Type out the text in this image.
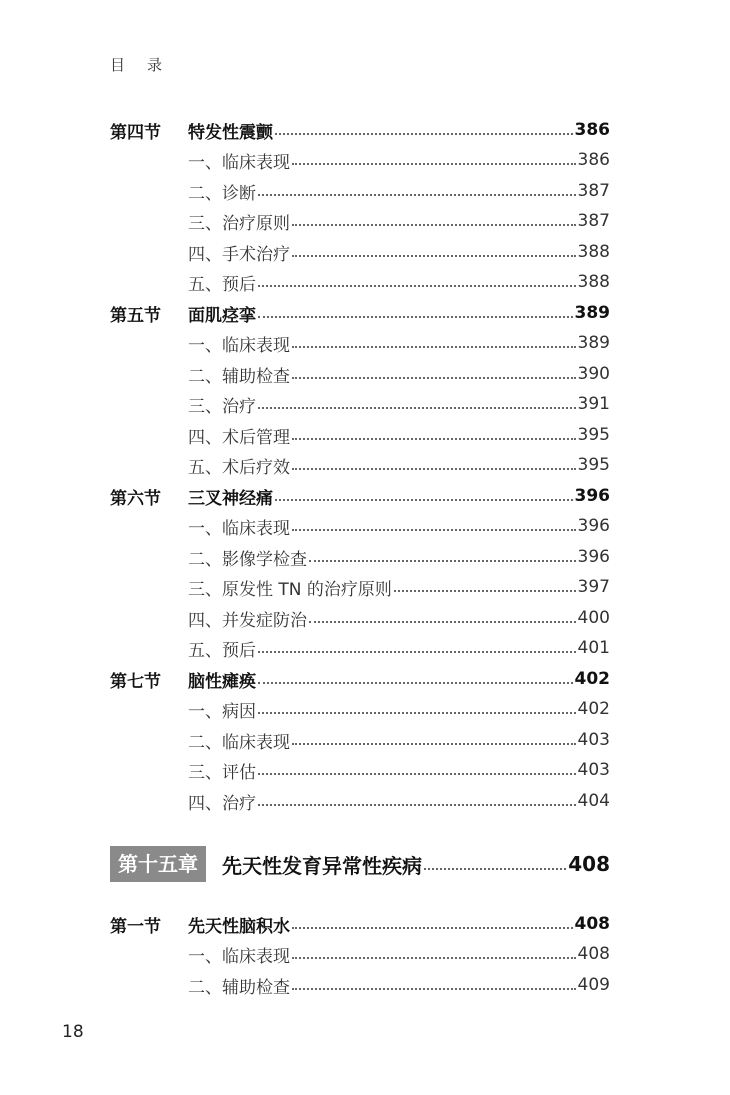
目 录
第四节 特发性震颤	386
一、临床表现	386
二、诊断	387
三、治疗原则	387
四、手术治疗	388
五、预后	388
第五节 面肌痉挛	389
一、临床表现	389
二、辅助检查	390
三、治疗	391
四、术后管理	395
五、术后疗效	395
第六节 三叉神经痛	396
一、临床表现	396
二、影像学检查	396
三、原发性 TN 的治疗原则	397
四、并发症防治	400
五、预后	401
第七节 脑性瘫痪	402
一、病因	402
二、临床表现	403
三、评估	403
四、治疗	404
第十五章	先天性发育异常性疾病	408
第一节 先天性脑积水	408
一、临床表现	408
二、辅助检查	409
18
